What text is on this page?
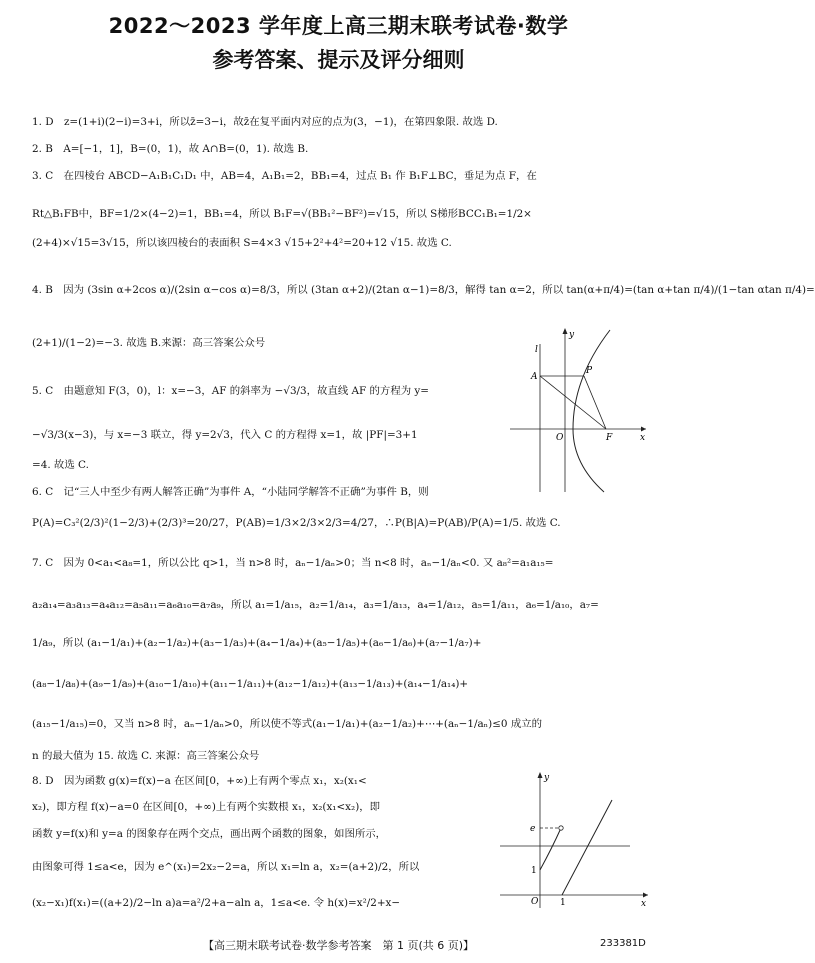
2022～2023 学年度上高三期末联考试卷·数学
参考答案、提示及评分细则
1. D　z=(1+i)(2−i)=3+i，所以z̄=3−i，故z̄在复平面内对应的点为(3，−1)，在第四象限. 故选 D.
2. B　A=[−1，1]，B=(0，1)，故 A∩B=(0，1). 故选 B.
3. C　在四棱台 ABCD−A₁B₁C₁D₁ 中，AB=4，A₁B₁=2，BB₁=4，过点 B₁ 作 B₁F⊥BC，垂足为点 F，在
Rt△B₁FB中，BF=1/2×(4−2)=1，BB₁=4，所以 B₁F=√(BB₁²−BF²)=√15，所以 S梯形BCC₁B₁=1/2×
(2+4)×√15=3√15，所以该四棱台的表面积 S=4×3 √15+2²+4²=20+12 √15. 故选 C.
4. B　因为 (3sin α+2cos α)/(2sin α−cos α)=8/3，所以 (3tan α+2)/(2tan α−1)=8/3，解得 tan α=2，所以 tan(α+π/4)=(tan α+tan π/4)/(1−tan αtan π/4)=
(2+1)/(1−2)=−3. 故选 B.来源：高三答案公众号
5. C　由题意知 F(3，0)，l：x=−3，AF 的斜率为 −√3/3，故直线 AF 的方程为 y=
−√3/3(x−3)，与 x=−3 联立，得 y=2√3，代入 C 的方程得 x=1，故 |PF|=3+1
=4. 故选 C.
6. C　记“三人中至少有两人解答正确”为事件 A，“小陆同学解答不正确”为事件 B，则
P(A)=C₃²(2/3)²(1−2/3)+(2/3)³=20/27，P(AB)=1/3×2/3×2/3=4/27，∴P(B|A)=P(AB)/P(A)=1/5. 故选 C.
7. C　因为 0<a₁<a₈=1，所以公比 q>1，当 n>8 时，aₙ−1/aₙ>0；当 n<8 时，aₙ−1/aₙ<0. 又 a₈²=a₁a₁₅=
a₂a₁₄=a₃a₁₃=a₄a₁₂=a₅a₁₁=a₆a₁₀=a₇a₉，所以 a₁=1/a₁₅，a₂=1/a₁₄，a₃=1/a₁₃，a₄=1/a₁₂，a₅=1/a₁₁，a₆=1/a₁₀，a₇=
1/a₉，所以 (a₁−1/a₁)+(a₂−1/a₂)+(a₃−1/a₃)+(a₄−1/a₄)+(a₅−1/a₅)+(a₆−1/a₆)+(a₇−1/a₇)+
(a₈−1/a₈)+(a₉−1/a₉)+(a₁₀−1/a₁₀)+(a₁₁−1/a₁₁)+(a₁₂−1/a₁₂)+(a₁₃−1/a₁₃)+(a₁₄−1/a₁₄)+
(a₁₅−1/a₁₅)=0，又当 n>8 时，aₙ−1/aₙ>0，所以使不等式(a₁−1/a₁)+(a₂−1/a₂)+⋯+(aₙ−1/aₙ)≤0 成立的
n 的最大值为 15. 故选 C. 来源：高三答案公众号
8. D　因为函数 g(x)=f(x)−a 在区间[0，+∞)上有两个零点 x₁，x₂(x₁<
x₂)，即方程 f(x)−a=0 在区间[0，+∞)上有两个实数根 x₁，x₂(x₁<x₂)，即
函数 y=f(x)和 y=a 的图象存在两个交点，画出两个函数的图象，如图所示，
由图象可得 1≤a<e，因为 e^(x₁)=2x₂−2=a，所以 x₁=ln a，x₂=(a+2)/2，所以
(x₂−x₁)f(x₁)=((a+2)/2−ln a)a=a²/2+a−aln a，1≤a<e. 令 h(x)=x²/2+x−
y
l
A
P
O	F	x
y
e
1
O 1	x
【高三期末联考试卷·数学参考答案　第 1 页(共 6 页)】	233381D
